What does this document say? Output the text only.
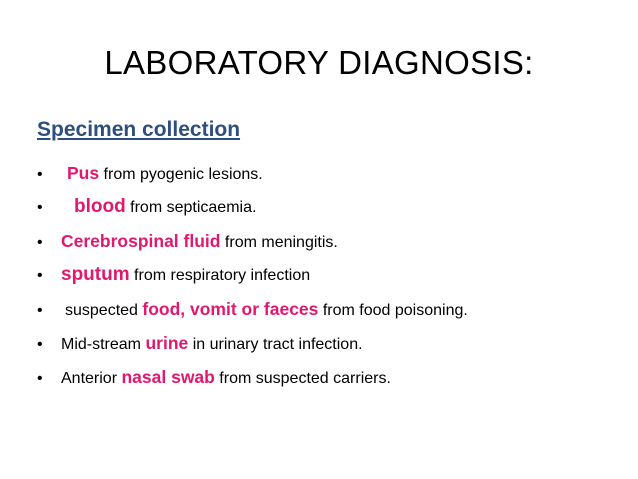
LABORATORY DIAGNOSIS:
Specimen collection
• Pus from pyogenic lesions.
• blood from septicaemia.
• Cerebrospinal fluid from meningitis.
• sputum from respiratory infection
• suspected food, vomit or faeces from food poisoning.
• Mid-stream urine in urinary tract infection.
• Anterior nasal swab from suspected carriers.
